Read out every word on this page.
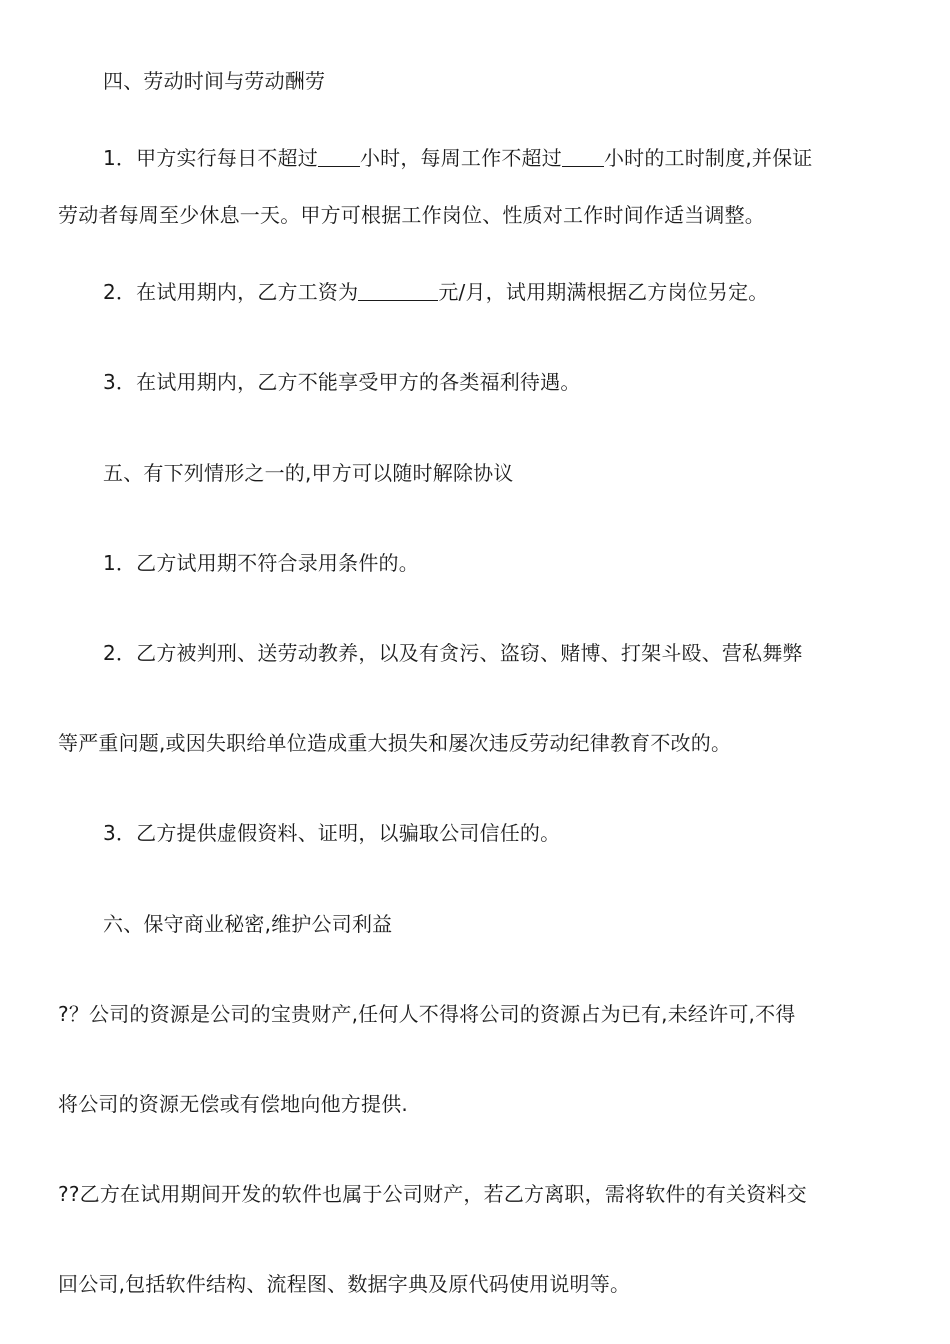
四、劳动时间与劳动酬劳
1．甲方实行每日不超过 小时，每周工作不超过 小时的工时制度,并保证
劳动者每周至少休息一天。甲方可根据工作岗位、性质对工作时间作适当调整。
2．在试用期内，乙方工资为	元/月，试用期满根据乙方岗位另定。
3．在试用期内，乙方不能享受甲方的各类福利待遇。
五、有下列情形之一的,甲方可以随时解除协议
1．乙方试用期不符合录用条件的。
2．乙方被判刑、送劳动教养，以及有贪污、盗窃、赌博、打架斗殴、营私舞弊
等严重问题,或因失职给单位造成重大损失和屡次违反劳动纪律教育不改的。
3．乙方提供虚假资料、证明，以骗取公司信任的。
六、保守商业秘密,维护公司利益
?？公司的资源是公司的宝贵财产,任何人不得将公司的资源占为已有,未经许可,不得
将公司的资源无偿或有偿地向他方提供.
??乙方在试用期间开发的软件也属于公司财产，若乙方离职，需将软件的有关资料交
回公司,包括软件结构、流程图、数据字典及原代码使用说明等。
